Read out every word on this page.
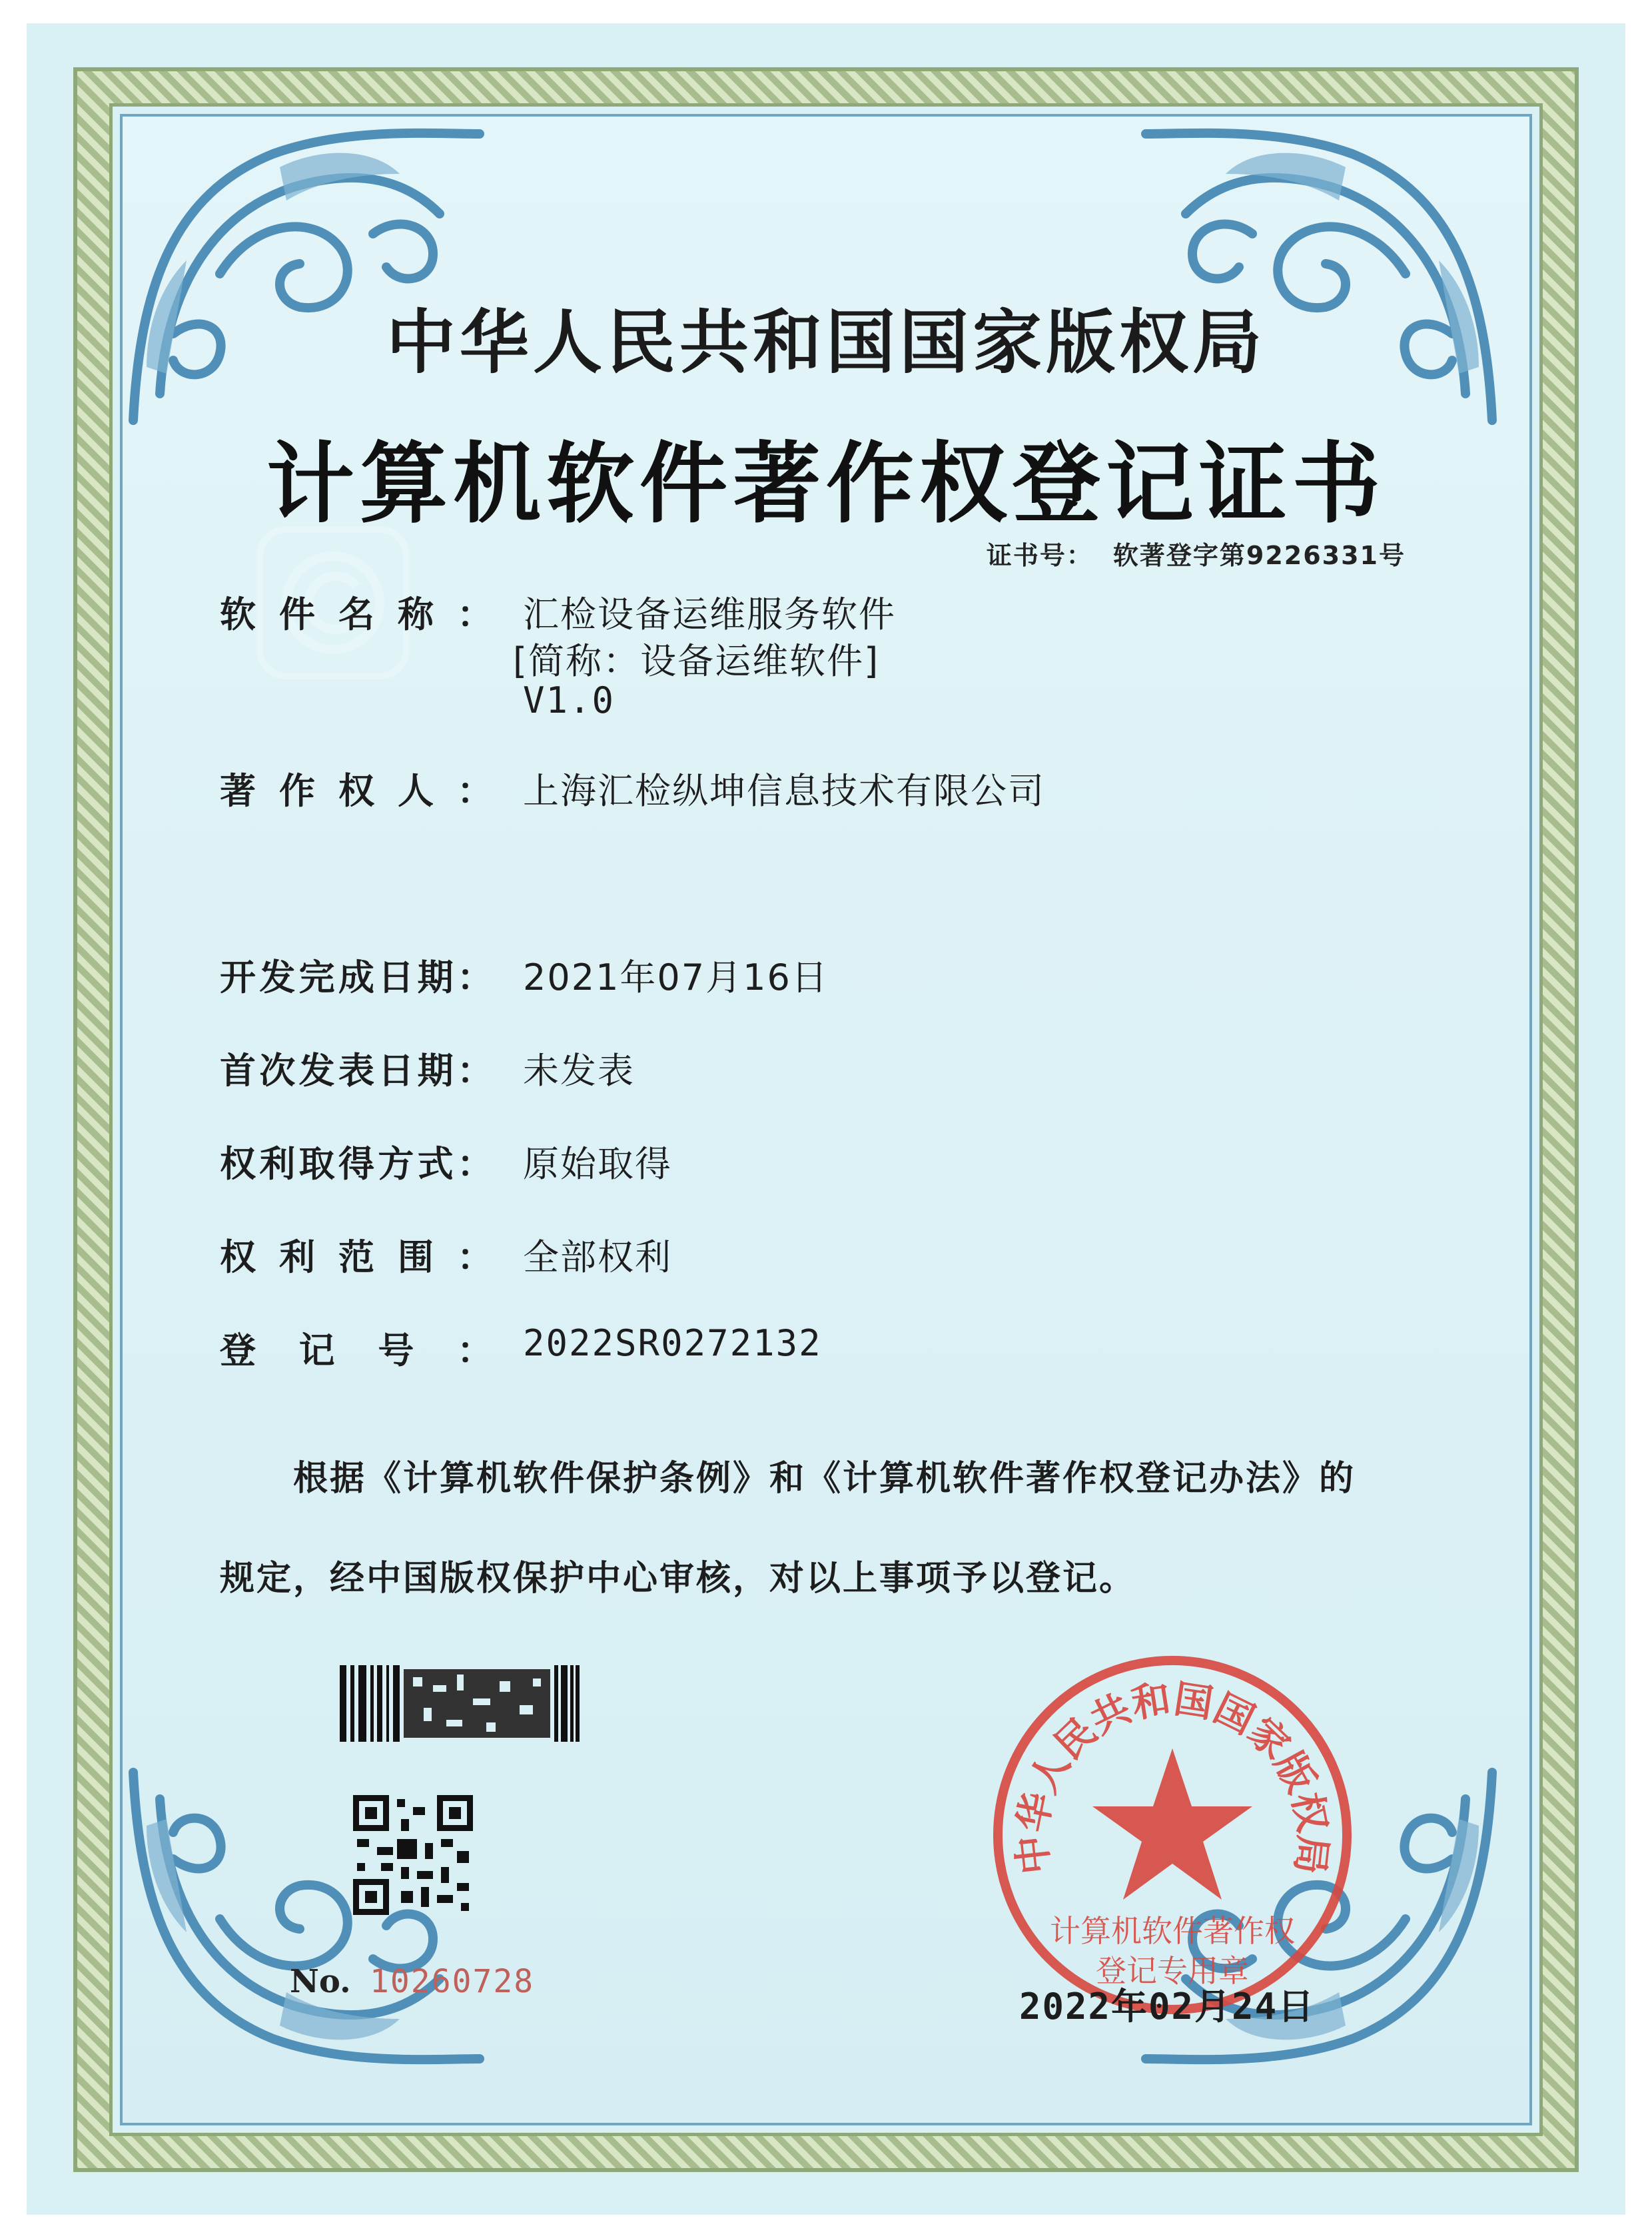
中华人民共和国国家版权局
计算机软件著作权登记证书
证书号： 软著登字第9226331号
软件名称： 汇检设备运维服务软件
[简称：设备运维软件]
V1.0
著作权人： 上海汇检纵坤信息技术有限公司
开发完成日期： 2021年07月16日
首次发表日期： 未发表
权利取得方式： 原始取得
权利范围： 全部权利
登记号： 2022SR0272132
根据《计算机软件保护条例》和《计算机软件著作权登记办法》的
规定，经中国版权保护中心审核，对以上事项予以登记。
No. 10260728
中华人民共和国国家版权局
计算机软件著作权
登记专用章
2022年02月24日
